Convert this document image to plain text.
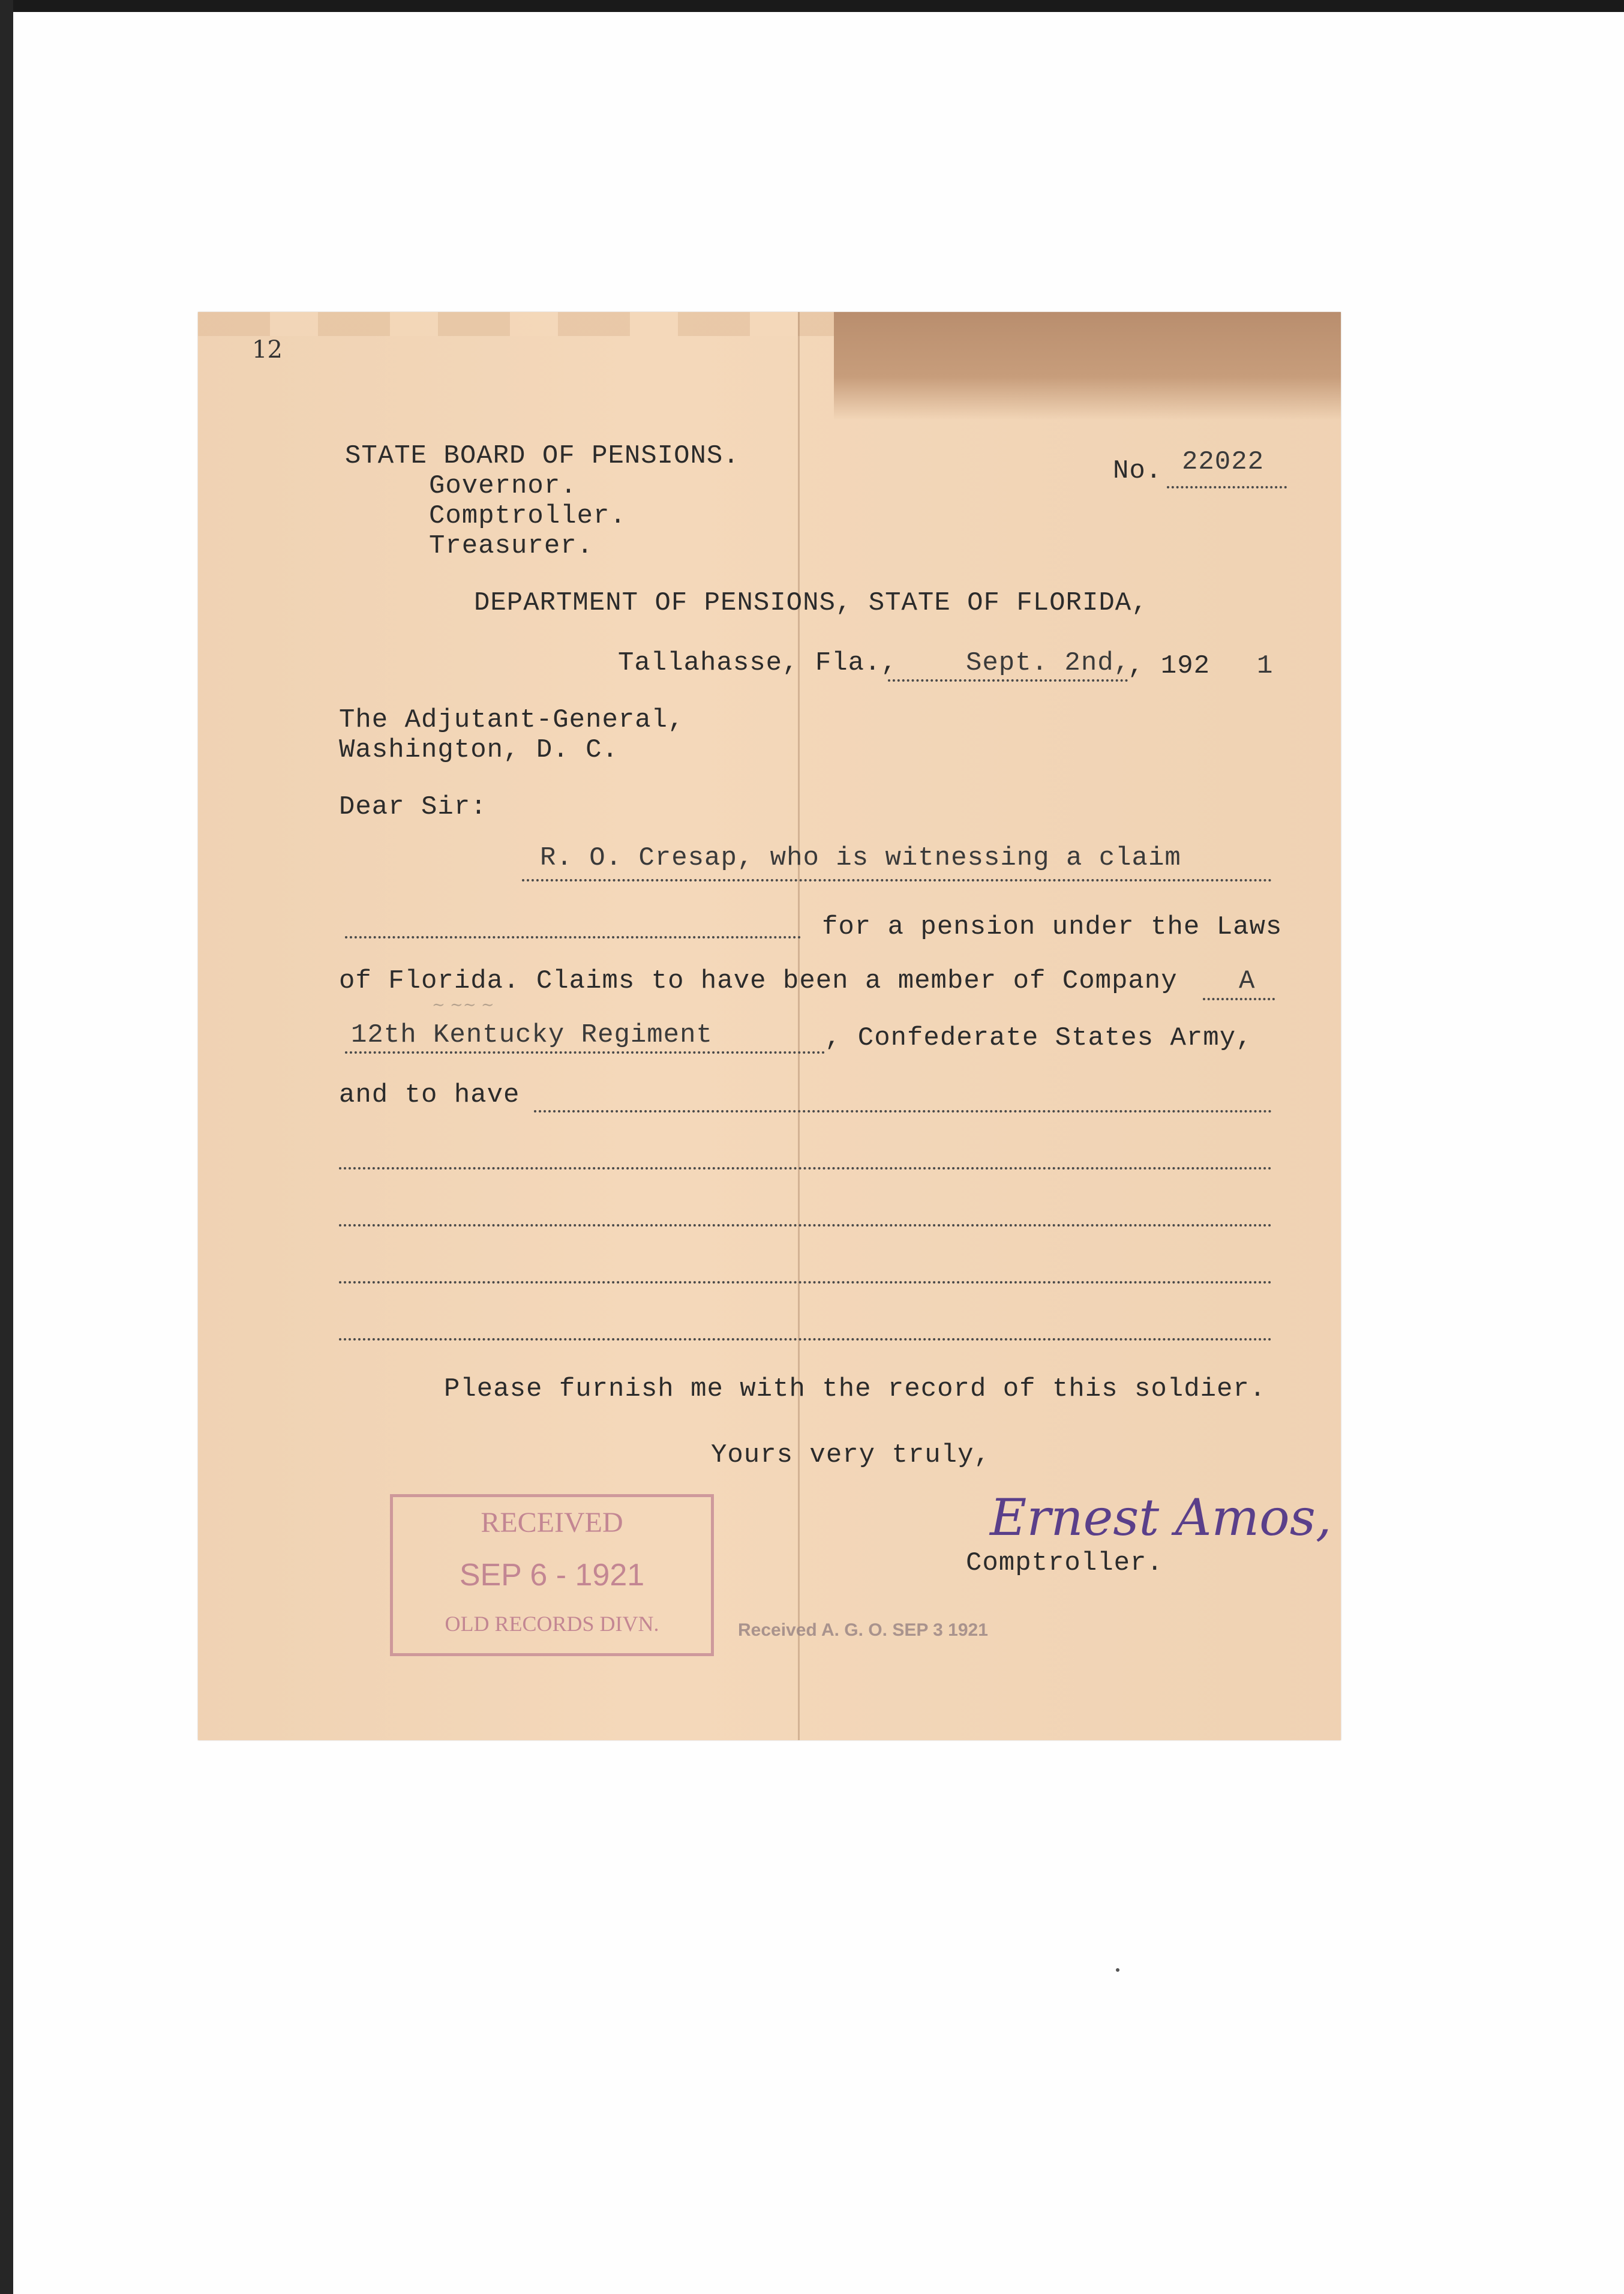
12
STATE BOARD OF PENSIONS.
Governor.
Comptroller.
Treasurer.
No. 22022
DEPARTMENT OF PENSIONS, STATE OF FLORIDA,
Tallahasse, Fla.,	Sept. 2nd,
, 192 1
The Adjutant-General,
Washington, D. C.
Dear Sir:
R. O. Cresap, who is witnessing a claim
for a pension under the Laws
of Florida. Claims to have been a member of Company A
∼ ∼∼ ∼
12th Kentucky Regiment	, Confederate States Army,
and to have
Please furnish me with the record of this soldier.
Yours very truly,
Ernest Amos,
Comptroller.
Received A. G. O. SEP 3 1921
RECEIVED
SEP 6 - 1921
OLD RECORDS DIVN.
